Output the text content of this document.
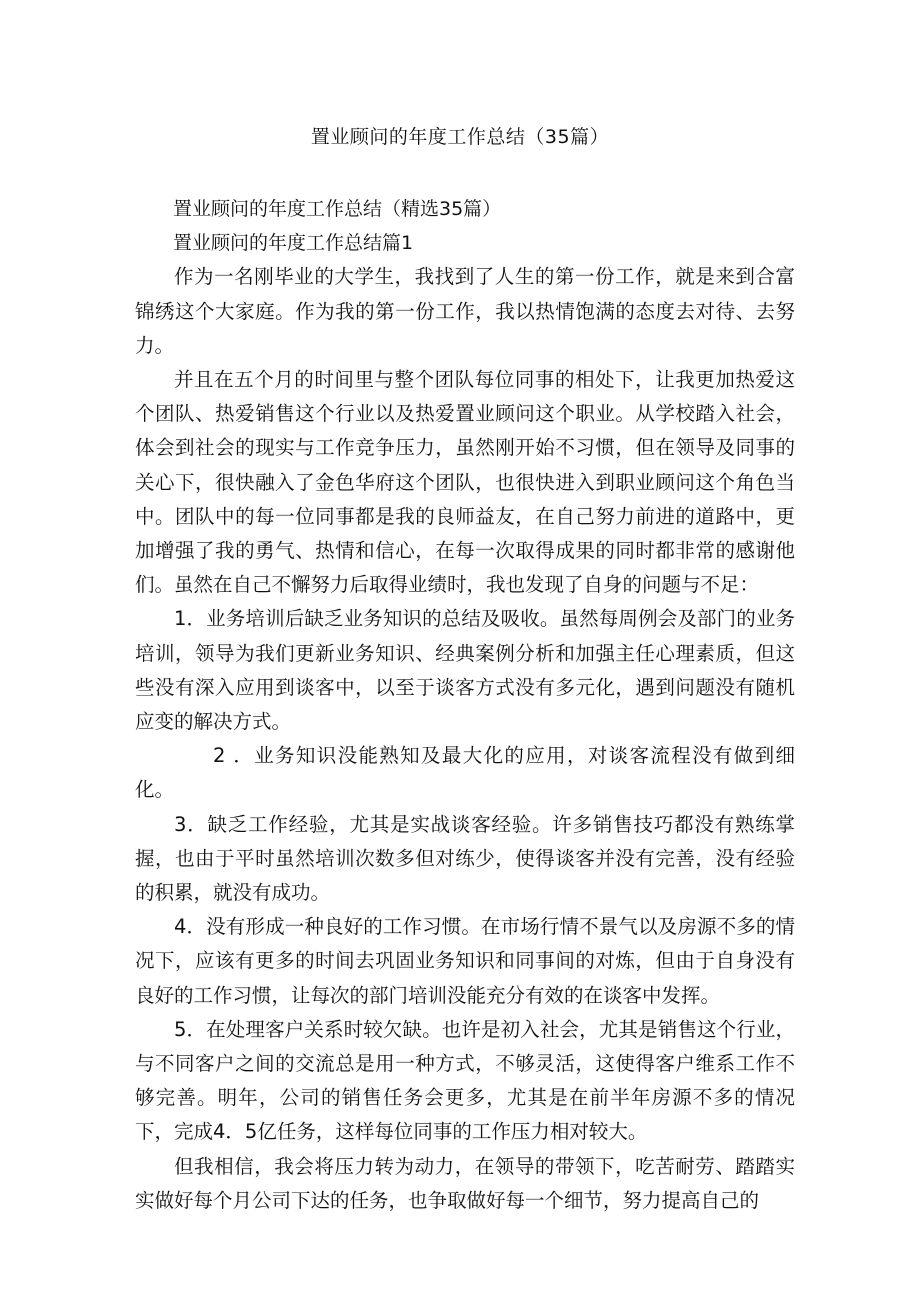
置业顾问的年度工作总结（35篇）

置业顾问的年度工作总结（精选35篇）

置业顾问的年度工作总结篇1

作为一名刚毕业的大学生，我找到了人生的第一份工作，就是来到合富锦绣这个大家庭。作为我的第一份工作，我以热情饱满的态度去对待、去努力。

并且在五个月的时间里与整个团队每位同事的相处下，让我更加热爱这个团队、热爱销售这个行业以及热爱置业顾问这个职业。从学校踏入社会，体会到社会的现实与工作竞争压力，虽然刚开始不习惯，但在领导及同事的关心下，很快融入了金色华府这个团队，也很快进入到职业顾问这个角色当中。团队中的每一位同事都是我的良师益友，在自己努力前进的道路中，更加增强了我的勇气、热情和信心，在每一次取得成果的同时都非常的感谢他们。虽然在自己不懈努力后取得业绩时，我也发现了自身的问题与不足：

1．业务培训后缺乏业务知识的总结及吸收。虽然每周例会及部门的业务培训，领导为我们更新业务知识、经典案例分析和加强主任心理素质，但这些没有深入应用到谈客中，以至于谈客方式没有多元化，遇到问题没有随机应变的解决方式。

2 ．业务知识没能熟知及最大化的应用，对谈客流程没有做到细化。

3．缺乏工作经验，尤其是实战谈客经验。许多销售技巧都没有熟练掌握，也由于平时虽然培训次数多但对练少，使得谈客并没有完善，没有经验的积累，就没有成功。

4．没有形成一种良好的工作习惯。在市场行情不景气以及房源不多的情况下，应该有更多的时间去巩固业务知识和同事间的对炼，但由于自身没有良好的工作习惯，让每次的部门培训没能充分有效的在谈客中发挥。

5．在处理客户关系时较欠缺。也许是初入社会，尤其是销售这个行业，与不同客户之间的交流总是用一种方式，不够灵活，这使得客户维系工作不够完善。明年，公司的销售任务会更多，尤其是在前半年房源不多的情况下，完成4．5亿任务，这样每位同事的工作压力相对较大。

但我相信，我会将压力转为动力，在领导的带领下，吃苦耐劳、踏踏实实做好每个月公司下达的任务，也争取做好每一个细节，努力提高自己的
